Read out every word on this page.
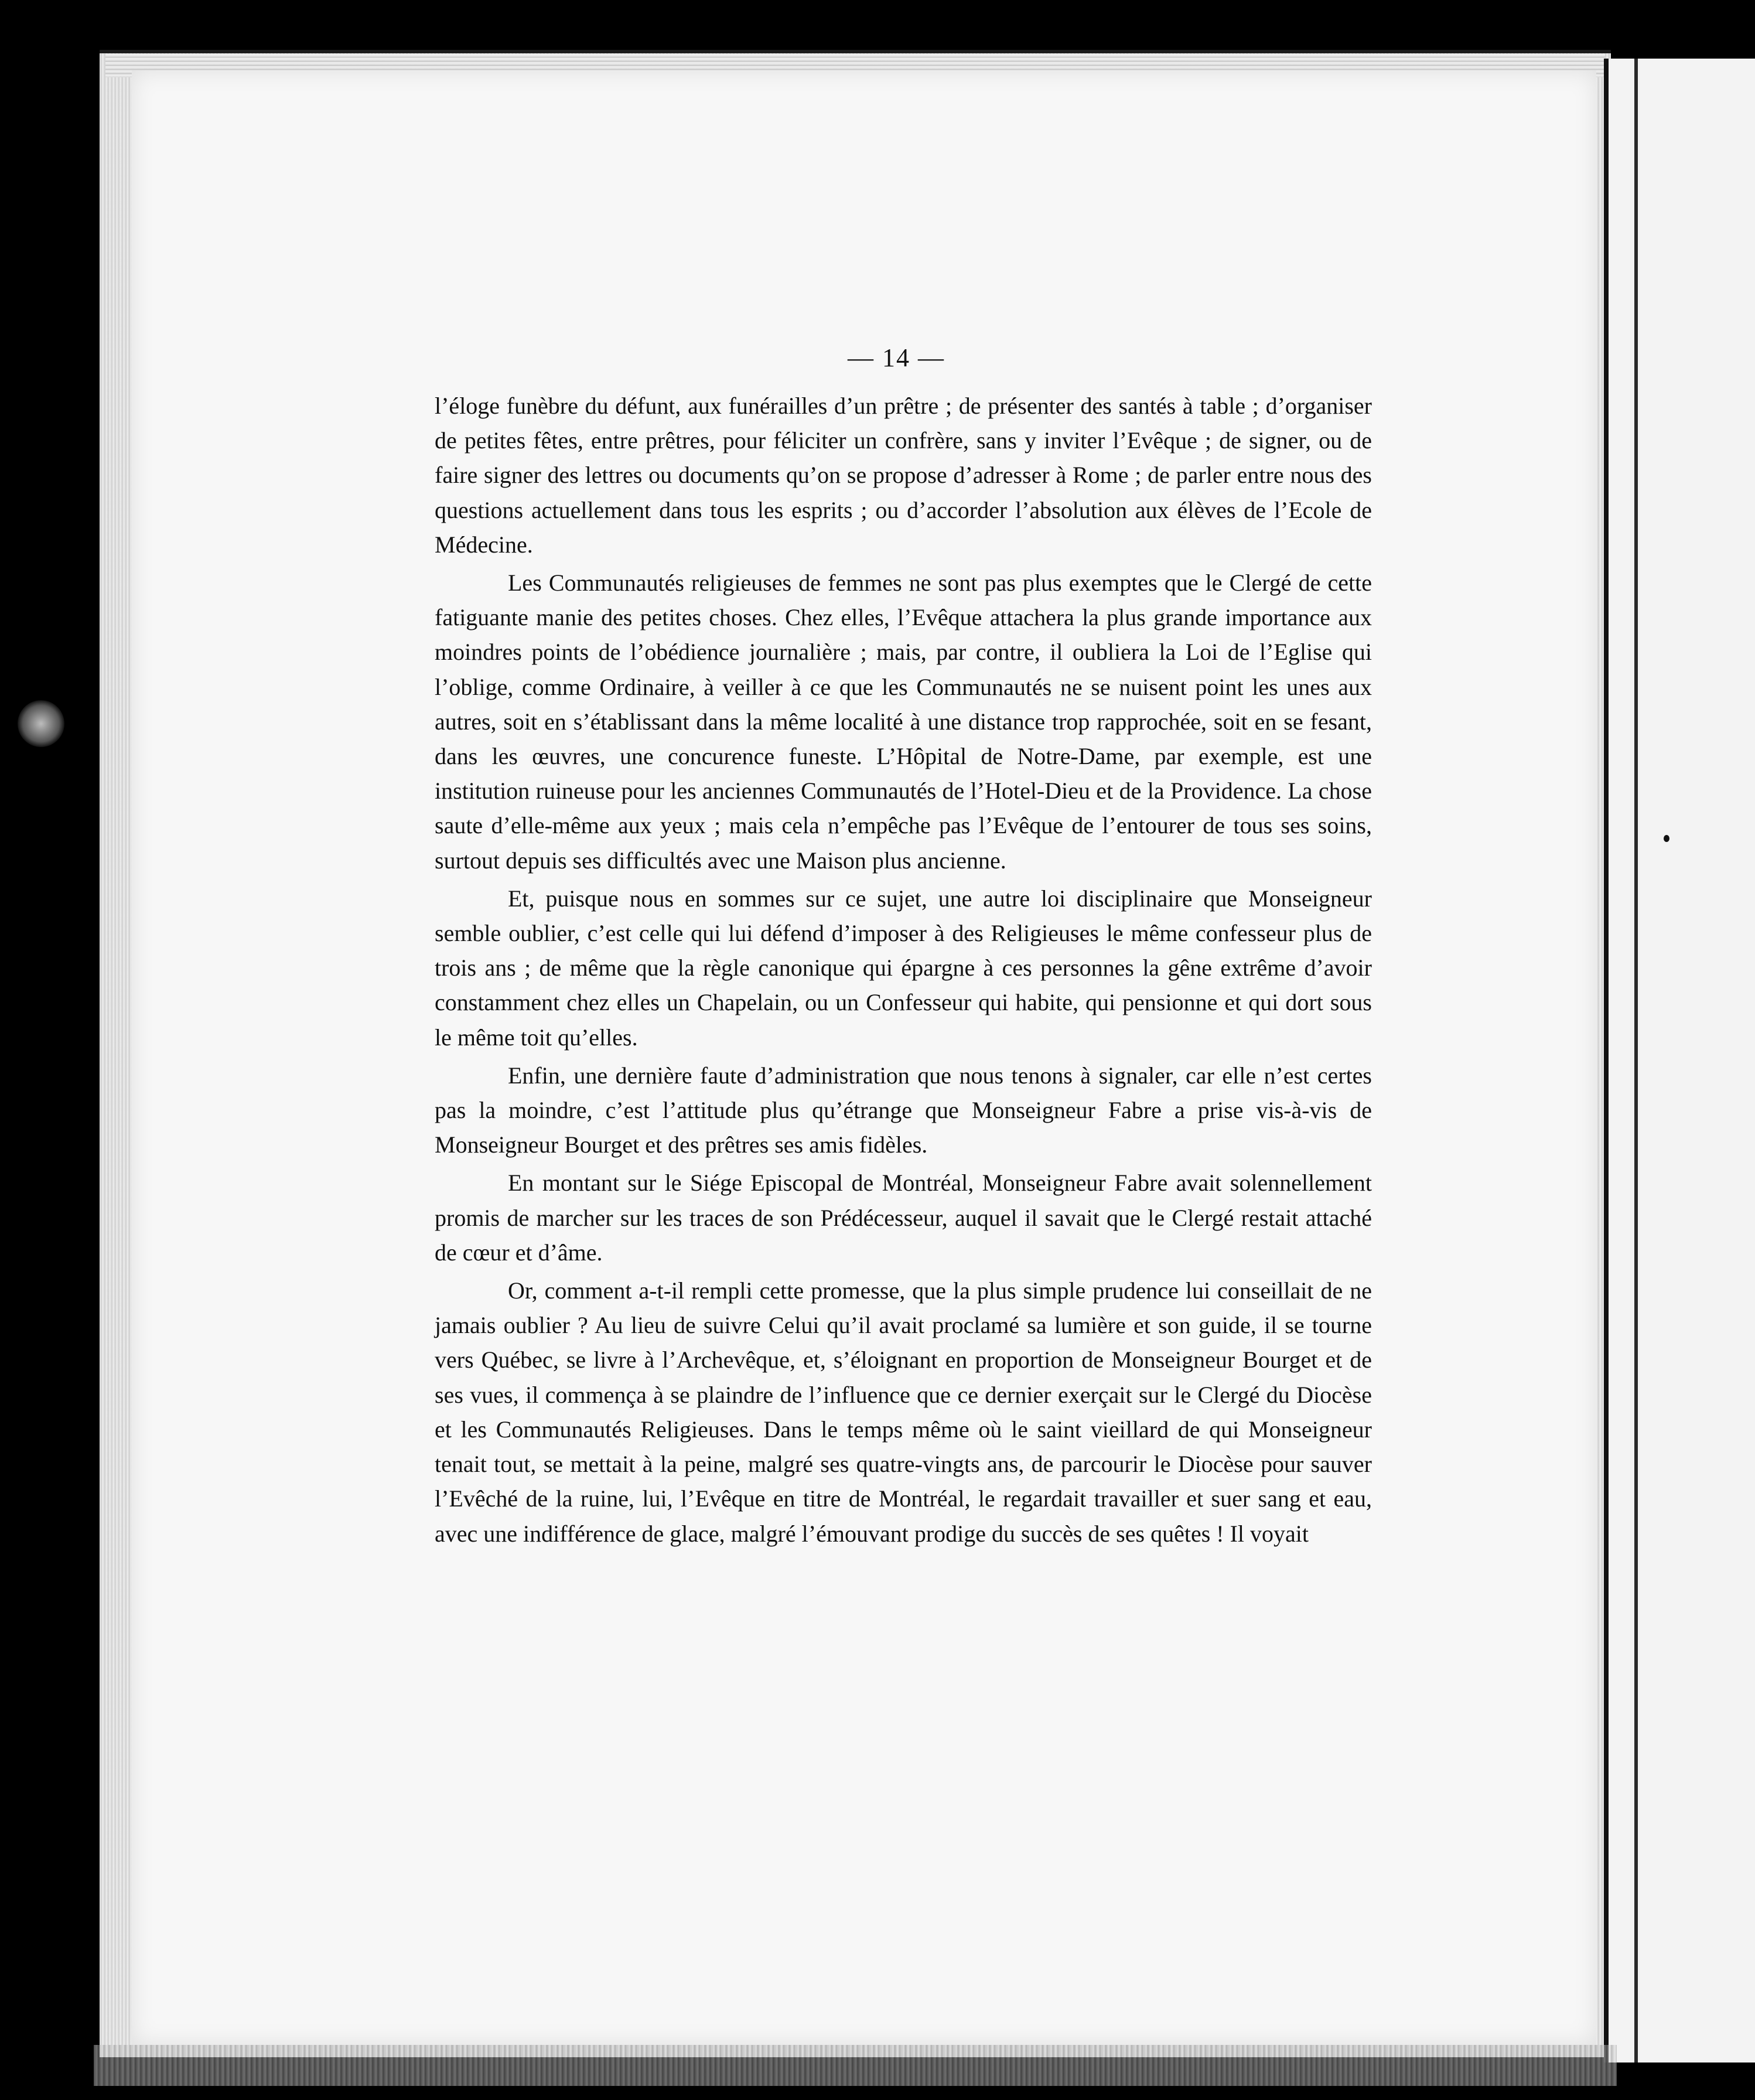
— 14 —

l’éloge funèbre du défunt, aux funérailles d’un prêtre ; de présenter des santés à table ; d’organiser de petites fêtes, entre prêtres, pour féliciter un confrère, sans y inviter l’Evêque ; de signer, ou de faire signer des lettres ou documents qu’on se propose d’adresser à Rome ; de parler entre nous des questions actuellement dans tous les esprits ; ou d’accorder l’absolution aux élèves de l’Ecole de Médecine.

Les Communautés religieuses de femmes ne sont pas plus exemptes que le Clergé de cette fatiguante manie des petites choses. Chez elles, l’Evêque attachera la plus grande importance aux moindres points de l’obédience journalière ; mais, par contre, il oubliera la Loi de l’Eglise qui l’oblige, comme Ordinaire, à veiller à ce que les Communautés ne se nuisent point les unes aux autres, soit en s’établissant dans la même localité à une distance trop rapprochée, soit en se fesant, dans les œuvres, une concurence funeste. L’Hôpital de Notre-Dame, par exemple, est une institution ruineuse pour les anciennes Communautés de l’Hotel-Dieu et de la Providence. La chose saute d’elle-même aux yeux ; mais cela n’empêche pas l’Evêque de l’entourer de tous ses soins, surtout depuis ses difficultés avec une Maison plus ancienne.

Et, puisque nous en sommes sur ce sujet, une autre loi disciplinaire que Monseigneur semble oublier, c’est celle qui lui défend d’imposer à des Religieuses le même confesseur plus de trois ans ; de même que la règle canonique qui épargne à ces personnes la gêne extrême d’avoir constamment chez elles un Chapelain, ou un Confesseur qui habite, qui pensionne et qui dort sous le même toit qu’elles.

Enfin, une dernière faute d’administration que nous tenons à signaler, car elle n’est certes pas la moindre, c’est l’attitude plus qu’étrange que Monseigneur Fabre a prise vis-à-vis de Monseigneur Bourget et des prêtres ses amis fidèles.

En montant sur le Siége Episcopal de Montréal, Monseigneur Fabre avait solennellement promis de marcher sur les traces de son Prédécesseur, auquel il savait que le Clergé restait attaché de cœur et d’âme.

Or, comment a-t-il rempli cette promesse, que la plus simple prudence lui conseillait de ne jamais oublier ? Au lieu de suivre Celui qu’il avait proclamé sa lumière et son guide, il se tourne vers Québec, se livre à l’Archevêque, et, s’éloignant en proportion de Monseigneur Bourget et de ses vues, il commença à se plaindre de l’influence que ce dernier exerçait sur le Clergé du Diocèse et les Communautés Religieuses. Dans le temps même où le saint vieillard de qui Monseigneur tenait tout, se mettait à la peine, malgré ses quatre-vingts ans, de parcourir le Diocèse pour sauver l’Evêché de la ruine, lui, l’Evêque en titre de Montréal, le regardait travailler et suer sang et eau, avec une indifférence de glace, malgré l’émouvant prodige du succès de ses quêtes ! Il voyait
